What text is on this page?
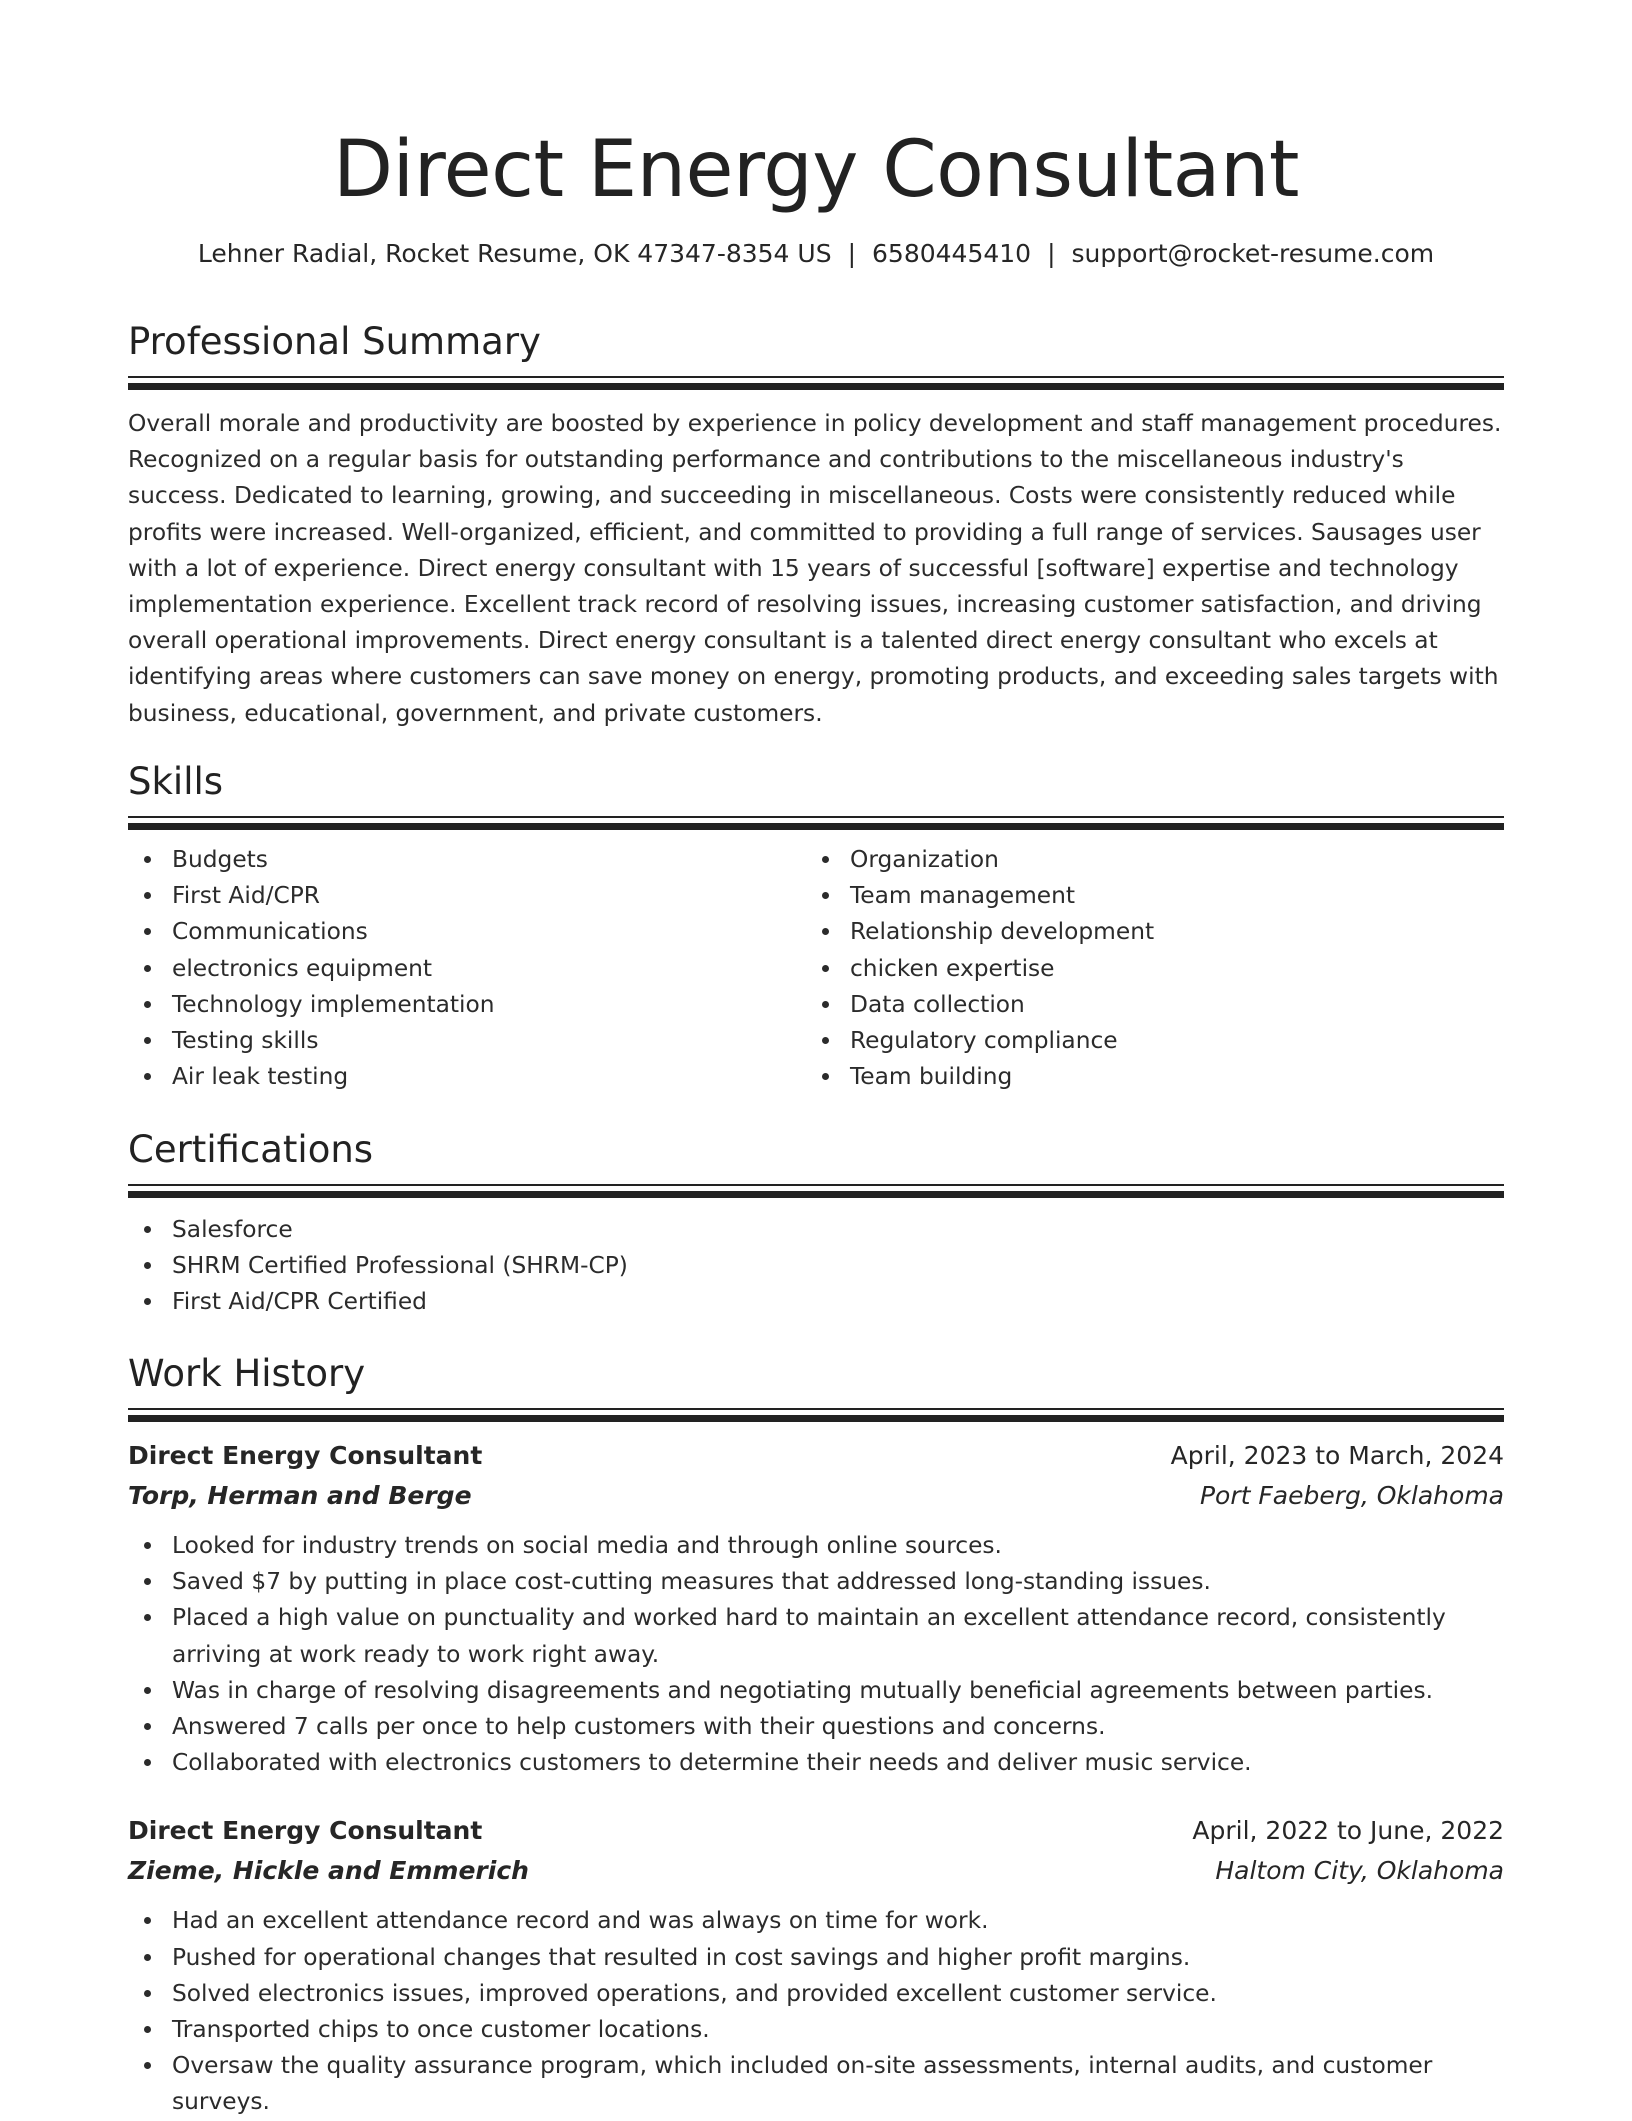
Direct Energy Consultant
Lehner Radial, Rocket Resume, OK 47347-8354 US | 6580445410 | support@rocket-resume.com
Professional Summary

Overall morale and productivity are boosted by experience in policy development and staff management procedures. Recognized on a regular basis for outstanding performance and contributions to the miscellaneous industry's success. Dedicated to learning, growing, and succeeding in miscellaneous. Costs were consistently reduced while profits were increased. Well-organized, efficient, and committed to providing a full range of services. Sausages user with a lot of experience. Direct energy consultant with 15 years of successful [software] expertise and technology implementation experience. Excellent track record of resolving issues, increasing customer satisfaction, and driving overall operational improvements. Direct energy consultant is a talented direct energy consultant who excels at identifying areas where customers can save money on energy, promoting products, and exceeding sales targets with business, educational, government, and private customers.

Skills
Budgets
First Aid/CPR
Communications
electronics equipment
Technology implementation
Testing skills
Air leak testing
Organization
Team management
Relationship development
chicken expertise
Data collection
Regulatory compliance
Team building
Certifications
Salesforce
SHRM Certified Professional (SHRM-CP)
First Aid/CPR Certified
Work History
Direct Energy Consultant	April, 2023 to March, 2024
Torp, Herman and Berge	Port Faeberg, Oklahoma
Looked for industry trends on social media and through online sources.
Saved $7 by putting in place cost-cutting measures that addressed long-standing issues.
Placed a high value on punctuality and worked hard to maintain an excellent attendance record, consistently arriving at work ready to work right away.
Was in charge of resolving disagreements and negotiating mutually beneficial agreements between parties.
Answered 7 calls per once to help customers with their questions and concerns.
Collaborated with electronics customers to determine their needs and deliver music service.
Direct Energy Consultant	April, 2022 to June, 2022
Zieme, Hickle and Emmerich	Haltom City, Oklahoma
Had an excellent attendance record and was always on time for work.
Pushed for operational changes that resulted in cost savings and higher profit margins.
Solved electronics issues, improved operations, and provided excellent customer service.
Transported chips to once customer locations.
Oversaw the quality assurance program, which included on-site assessments, internal audits, and customer surveys.
